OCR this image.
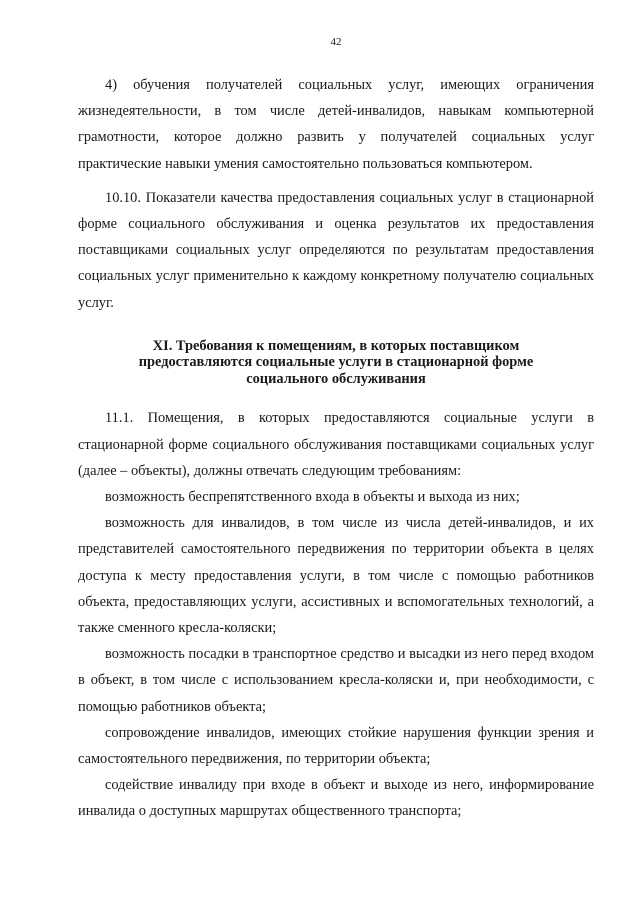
42

4) обучения получателей социальных услуг, имеющих ограничения жизнедеятельности, в том числе детей-инвалидов, навыкам компьютерной грамотности, которое должно развить у получателей социальных услуг практические навыки умения самостоятельно пользоваться компьютером.

10.10. Показатели качества предоставления социальных услуг в стационарной форме социального обслуживания и оценка результатов их предоставления поставщиками социальных услуг определяются по результатам предоставления социальных услуг применительно к каждому конкретному получателю социальных услуг.

XI. Требования к помещениям, в которых поставщиком
предоставляются социальные услуги в стационарной форме
социального обслуживания

11.1. Помещения, в которых предоставляются социальные услуги в стационарной форме социального обслуживания поставщиками социальных услуг (далее – объекты), должны отвечать следующим требованиям:

возможность беспрепятственного входа в объекты и выхода из них;

возможность для инвалидов, в том числе из числа детей-инвалидов, и их представителей самостоятельного передвижения по территории объекта в целях доступа к месту предоставления услуги, в том числе с помощью работников объекта, предоставляющих услуги, ассистивных и вспомогательных технологий, а также сменного кресла-коляски;

возможность посадки в транспортное средство и высадки из него перед входом в объект, в том числе с использованием кресла-коляски и, при необходимости, с помощью работников объекта;

сопровождение инвалидов, имеющих стойкие нарушения функции зрения и самостоятельного передвижения, по территории объекта;

содействие инвалиду при входе в объект и выходе из него, информирование инвалида о доступных маршрутах общественного транспорта;
